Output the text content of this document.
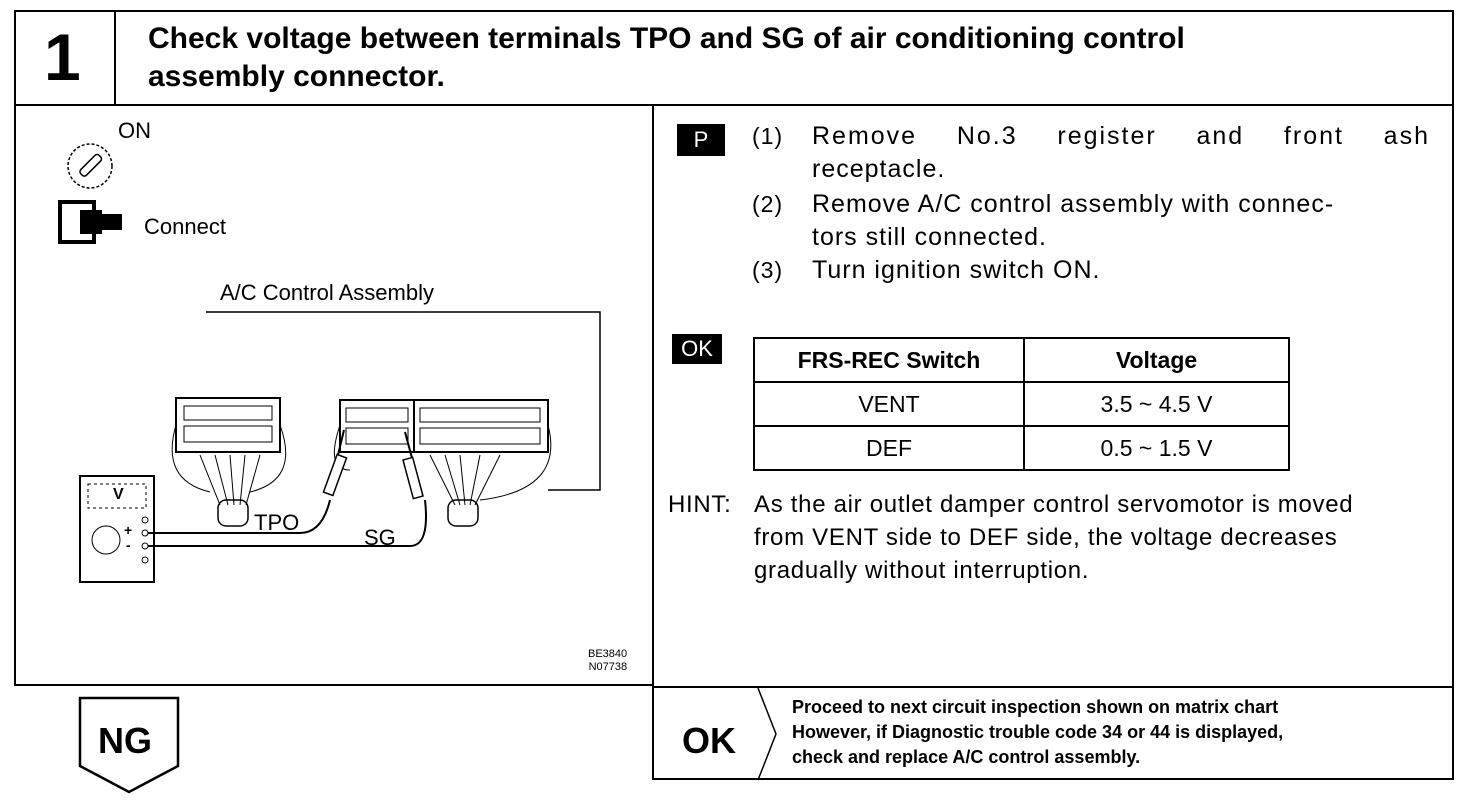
1 Check voltage between terminals TPO and SG of air conditioning control
assembly connector.
ON
Connect
A/C Control Assembly
V
+
-
TPO
SG
BE3840
N07738
P	(1) Remove No.3 register and front ash
receptacle.
(2) Remove A/C control assembly with connec-
tors still connected.
(3) Turn ignition switch ON.
OK	FRS-REC Switch	Voltage
VENT	3.5 ~ 4.5 V
DEF	0.5 ~ 1.5 V
HINT: As the air outlet damper control servomotor is moved
from VENT side to DEF side, the voltage decreases
gradually without interruption.
NG	OK
Proceed to next circuit inspection shown on matrix chart
However, if Diagnostic trouble code 34 or 44 is displayed,
check and replace A/C control assembly.
